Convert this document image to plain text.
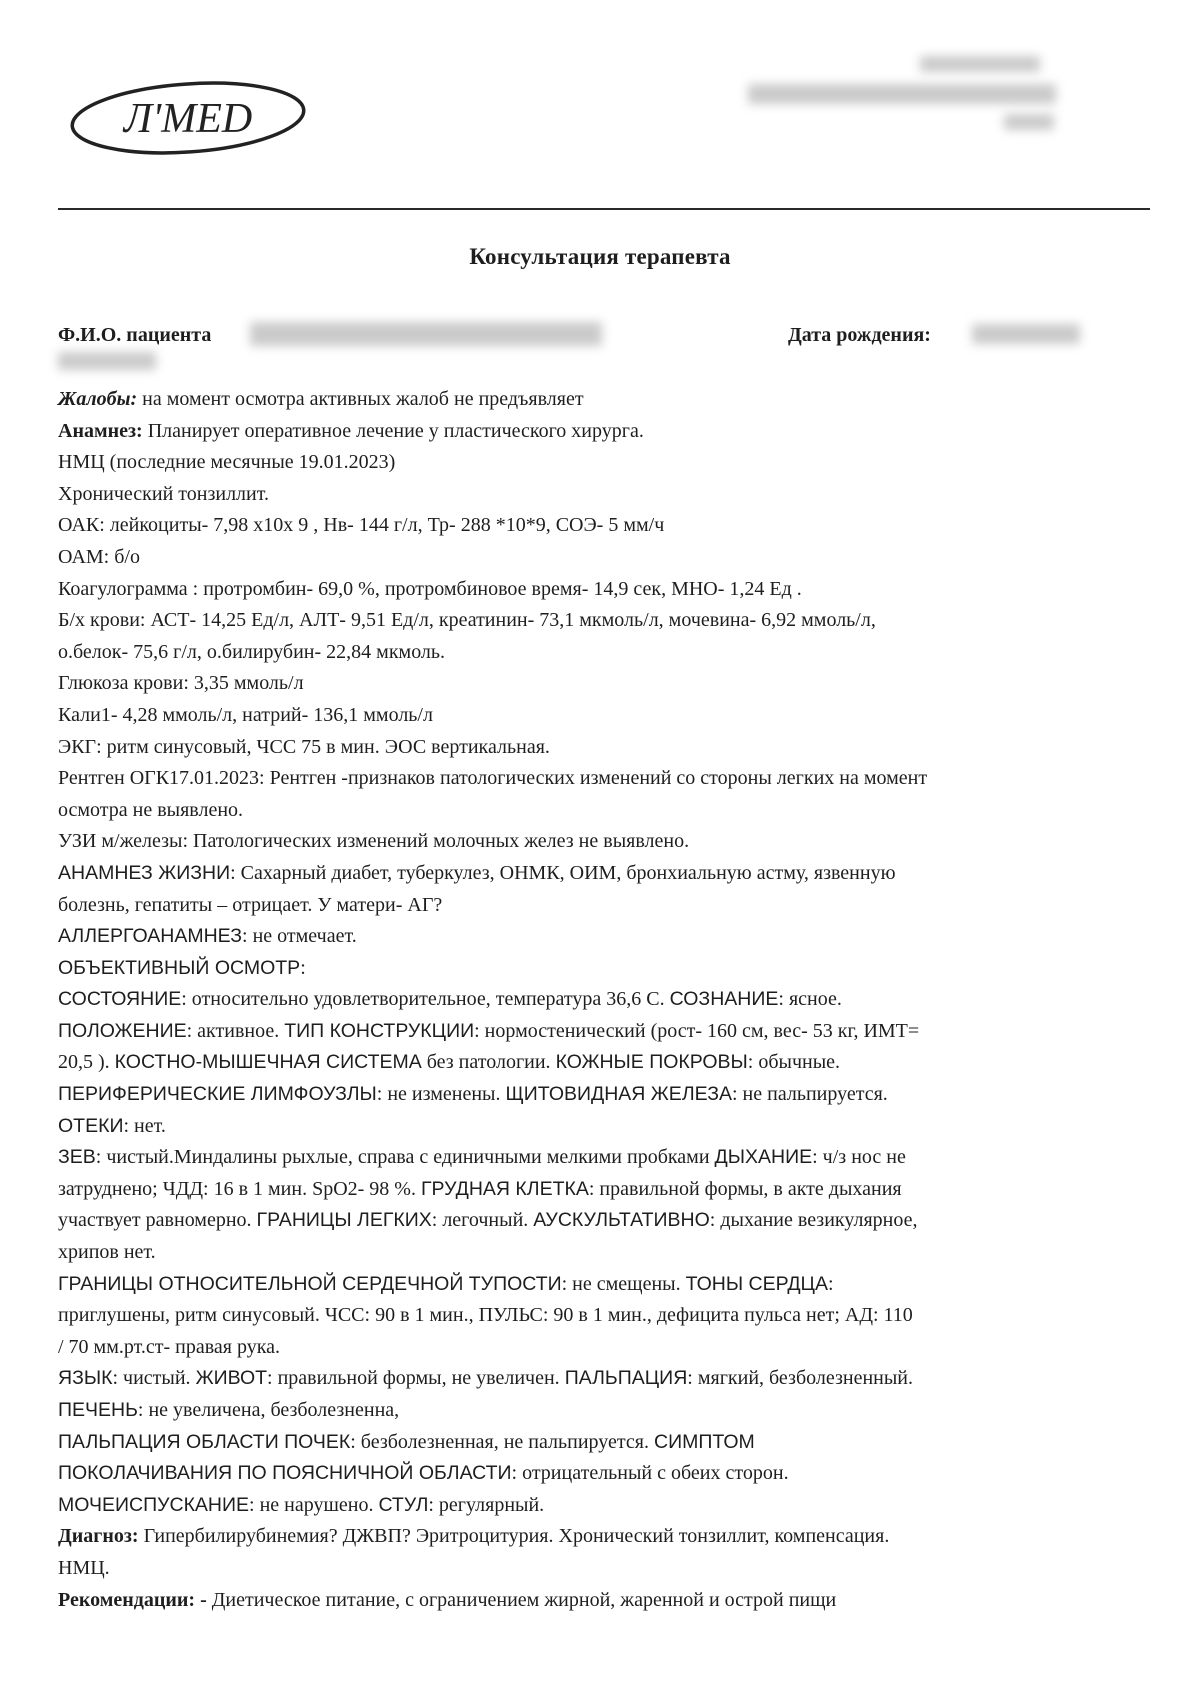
Л'MED
Консультация терапевта
Ф.И.О. пациента	Дата рождения:
Жалобы: на момент осмотра активных жалоб не предъявляет
Анамнез: Планирует оперативное лечение у пластического хирурга.
НМЦ (последние месячные 19.01.2023)
Хронический тонзиллит.
ОАК: лейкоциты- 7,98 х10х 9 , Нв- 144 г/л, Тр- 288 *10*9, СОЭ- 5 мм/ч
ОАМ: б/о
Коагулограмма : протромбин- 69,0 %, протромбиновое время- 14,9 сек, МНО- 1,24 Ед .
Б/х крови: АСТ- 14,25 Ед/л, АЛТ- 9,51 Ед/л, креатинин- 73,1 мкмоль/л, мочевина- 6,92 ммоль/л,
о.белок- 75,6 г/л, о.билирубин- 22,84 мкмоль.
Глюкоза крови: 3,35 ммоль/л
Кали1- 4,28 ммоль/л, натрий- 136,1 ммоль/л
ЭКГ: ритм синусовый, ЧСС 75 в мин. ЭОС вертикальная.
Рентген ОГК17.01.2023: Рентген -признаков патологических изменений со стороны легких на момент
осмотра не выявлено.
УЗИ м/железы: Патологических изменений молочных желез не выявлено.
АНАМНЕЗ ЖИЗНИ: Сахарный диабет, туберкулез, ОНМК, ОИМ, бронхиальную астму, язвенную
болезнь, гепатиты – отрицает. У матери- АГ?
АЛЛЕРГОАНАМНЕЗ: не отмечает.
ОБЪЕКТИВНЫЙ ОСМОТР:
СОСТОЯНИЕ: относительно удовлетворительное, температура 36,6 С. СОЗНАНИЕ: ясное.
ПОЛОЖЕНИЕ: активное. ТИП КОНСТРУКЦИИ: нормостенический (рост- 160 см, вес- 53 кг, ИМТ=
20,5 ). КОСТНО-МЫШЕЧНАЯ СИСТЕМА без патологии. КОЖНЫЕ ПОКРОВЫ: обычные.
ПЕРИФЕРИЧЕСКИЕ ЛИМФОУЗЛЫ: не изменены. ЩИТОВИДНАЯ ЖЕЛЕЗА: не пальпируется.
ОТЕКИ: нет.
ЗЕВ: чистый.Миндалины рыхлые, справа с единичными мелкими пробками ДЫХАНИЕ: ч/з нос не
затруднено; ЧДД: 16 в 1 мин. SpO2- 98 %. ГРУДНАЯ КЛЕТКА: правильной формы, в акте дыхания
участвует равномерно. ГРАНИЦЫ ЛЕГКИХ: легочный. АУСКУЛЬТАТИВНО: дыхание везикулярное,
хрипов нет.
ГРАНИЦЫ ОТНОСИТЕЛЬНОЙ СЕРДЕЧНОЙ ТУПОСТИ: не смещены. ТОНЫ СЕРДЦА:
приглушены, ритм синусовый. ЧСС: 90 в 1 мин., ПУЛЬС: 90 в 1 мин., дефицита пульса нет; АД: 110
/ 70 мм.рт.ст- правая рука.
ЯЗЫК: чистый. ЖИВОТ: правильной формы, не увеличен. ПАЛЬПАЦИЯ: мягкий, безболезненный.
ПЕЧЕНЬ: не увеличена, безболезненна,
ПАЛЬПАЦИЯ ОБЛАСТИ ПОЧЕК: безболезненная, не пальпируется. СИМПТОМ
ПОКОЛАЧИВАНИЯ ПО ПОЯСНИЧНОЙ ОБЛАСТИ: отрицательный с обеих сторон.
МОЧЕИСПУСКАНИЕ: не нарушено. СТУЛ: регулярный.
Диагноз: Гипербилирубинемия? ДЖВП? Эритроцитурия. Хронический тонзиллит, компенсация.
НМЦ.
Рекомендации: - Диетическое питание, с ограничением жирной, жаренной и острой пищи
